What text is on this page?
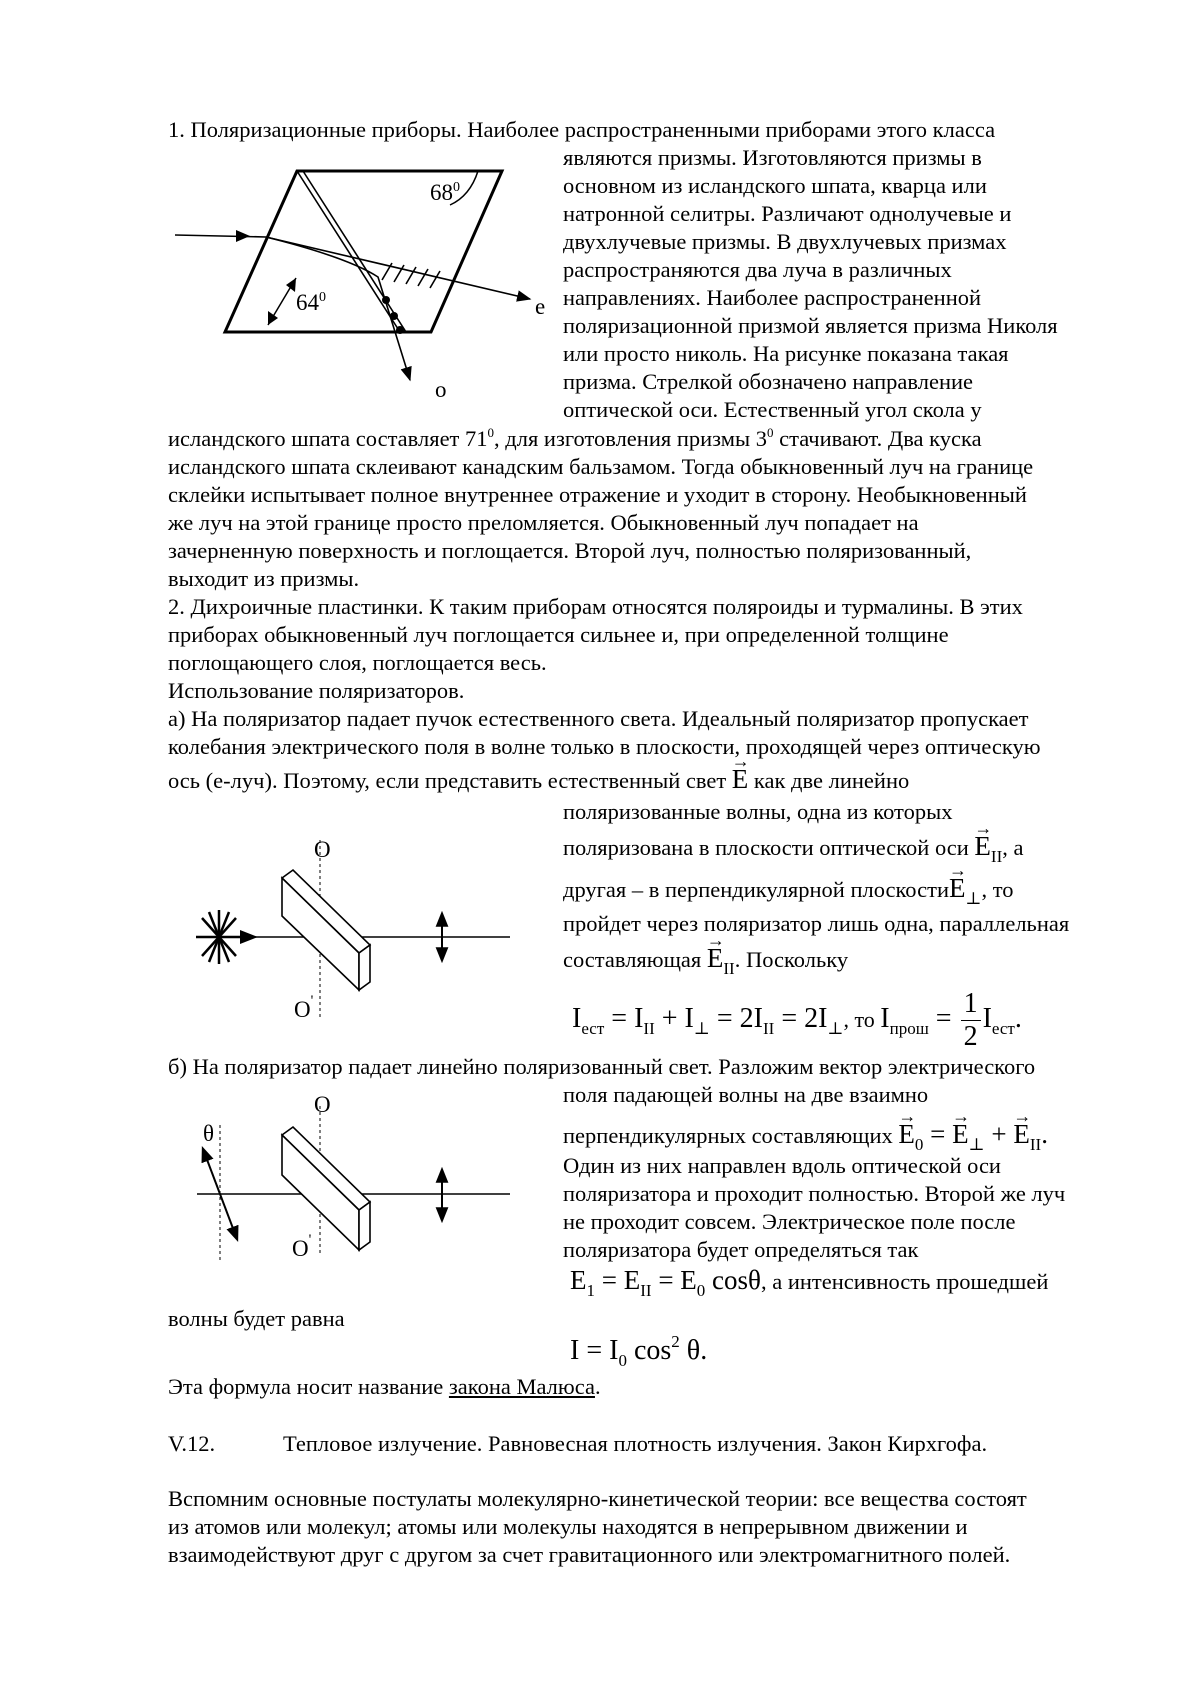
1. Поляризационные приборы. Наиболее распространенными приборами этого класса
являются призмы. Изготовляются призмы в
основном из исландского шпата, кварца или
натронной селитры. Различают однолучевые и
двухлучевые призмы. В двухлучевых призмах
распространяются два луча в различных
направлениях. Наиболее распространенной
поляризационной призмой является призма Николя
или просто николь. На рисунке показана такая
призма. Стрелкой обозначено направление
оптической оси. Естественный угол скола у
исландского шпата составляет $71^0$, для изготовления призмы $3^0$ стачивают. Два куска
исландского шпата склеивают канадским бальзамом. Тогда обыкновенный луч на границе
склейки испытывает полное внутреннее отражение и уходит в сторону. Необыкновенный
же луч на этой границе просто преломляется. Обыкновенный луч попадает на
зачерненную поверхность и поглощается. Второй луч, полностью поляризованный,
выходит из призмы.
$68^0$
$64^0$	e
o
2. Дихроичные пластинки. К таким приборам относятся поляроиды и турмалины. В этих
приборах обыкновенный луч поглощается сильнее и, при определенной толщине
поглощающего слоя, поглощается весь.
Использование поляризаторов.
а) На поляризатор падает пучок естественного света. Идеальный поляризатор пропускает
колебания электрического поля в волне только в плоскости, проходящей через оптическую
ось (е-луч). Поэтому, если представить естественный свет → E как две линейно
поляризованные волны, одна из которых
поляризована в плоскости оптической оси → $E_{II}$, а
другая – в перпендикулярной плоскости→ $E_\perp$, то
пройдет через поляризатор лишь одна, параллельная
составляющая → $E_{II}$. Поскольку
$I_{ест} = I_{II} + I_\perp = 2I_{II} = 2I_\perp$, то $I_{прош} = \frac{1}{2} I_{ест}$.
O
O'
б) На поляризатор падает линейно поляризованный свет. Разложим вектор электрического
поля падающей волны на две взаимно
перпендикулярных составляющих → $E_0$ = → $E_\perp$ + → $E_{II}$.
Один из них направлен вдоль оптической оси
поляризатора и проходит полностью. Второй же луч
не проходит совсем. Электрическое поле после
поляризатора будет определяться так
$E_1 = E_{II} = E_0$ cosθ, а интенсивность прошедшей
волны будет равна
$I = I_0$ $\cos^2 \theta$.
Эта формула носит название закона Малюса.
θ
O
O'
V.12.	Тепловое излучение. Равновесная плотность излучения. Закон Кирхгофа.
Вспомним основные постулаты молекулярно-кинетической теории: все вещества состоят
из атомов или молекул; атомы или молекулы находятся в непрерывном движении и
взаимодействуют друг с другом за счет гравитационного или электромагнитного полей.
